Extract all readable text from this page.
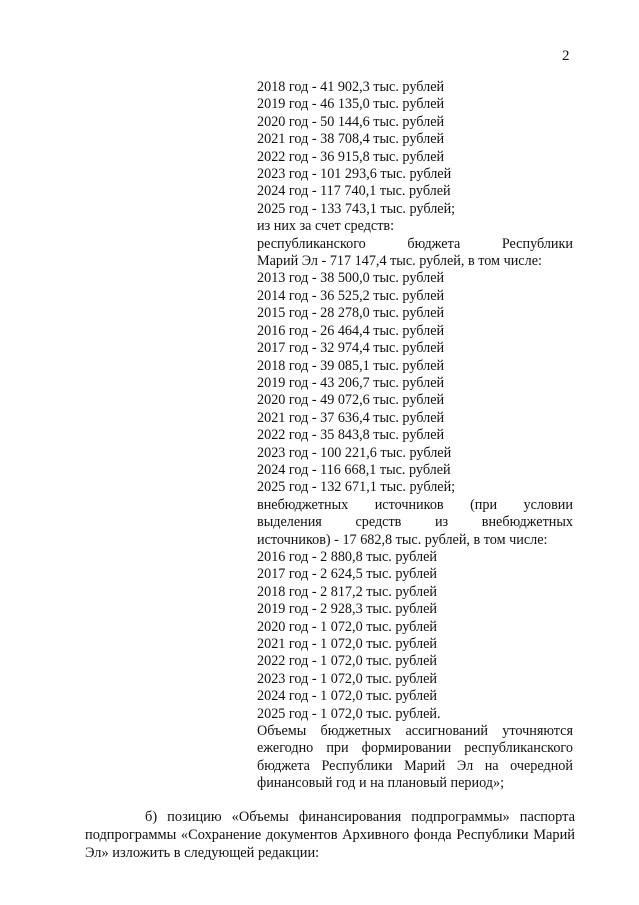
2
2018 год - 41 902,3 тыс. рублей
2019 год - 46 135,0 тыс. рублей
2020 год - 50 144,6 тыс. рублей
2021 год - 38 708,4 тыс. рублей
2022 год - 36 915,8 тыс. рублей
2023 год - 101 293,6 тыс. рублей
2024 год - 117 740,1 тыс. рублей
2025 год - 133 743,1 тыс. рублей;
из них за счет средств:
республиканского бюджета Республики
Марий Эл - 717 147,4 тыс. рублей, в том числе:
2013 год - 38 500,0 тыс. рублей
2014 год - 36 525,2 тыс. рублей
2015 год - 28 278,0 тыс. рублей
2016 год - 26 464,4 тыс. рублей
2017 год - 32 974,4 тыс. рублей
2018 год - 39 085,1 тыс. рублей
2019 год - 43 206,7 тыс. рублей
2020 год - 49 072,6 тыс. рублей
2021 год - 37 636,4 тыс. рублей
2022 год - 35 843,8 тыс. рублей
2023 год - 100 221,6 тыс. рублей
2024 год - 116 668,1 тыс. рублей
2025 год - 132 671,1 тыс. рублей;
внебюджетных источников (при условии
выделения средств из внебюджетных
источников) - 17 682,8 тыс. рублей, в том числе:
2016 год - 2 880,8 тыс. рублей
2017 год - 2 624,5 тыс. рублей
2018 год - 2 817,2 тыс. рублей
2019 год - 2 928,3 тыс. рублей
2020 год - 1 072,0 тыс. рублей
2021 год - 1 072,0 тыс. рублей
2022 год - 1 072,0 тыс. рублей
2023 год - 1 072,0 тыс. рублей
2024 год - 1 072,0 тыс. рублей
2025 год - 1 072,0 тыс. рублей.
Объемы бюджетных ассигнований уточняются ежегодно при формировании республиканского бюджета Республики Марий Эл на очередной финансовый год и на плановый период»;
б) позицию «Объемы финансирования подпрограммы» паспорта подпрограммы «Сохранение документов Архивного фонда Республики Марий Эл» изложить в следующей редакции:
